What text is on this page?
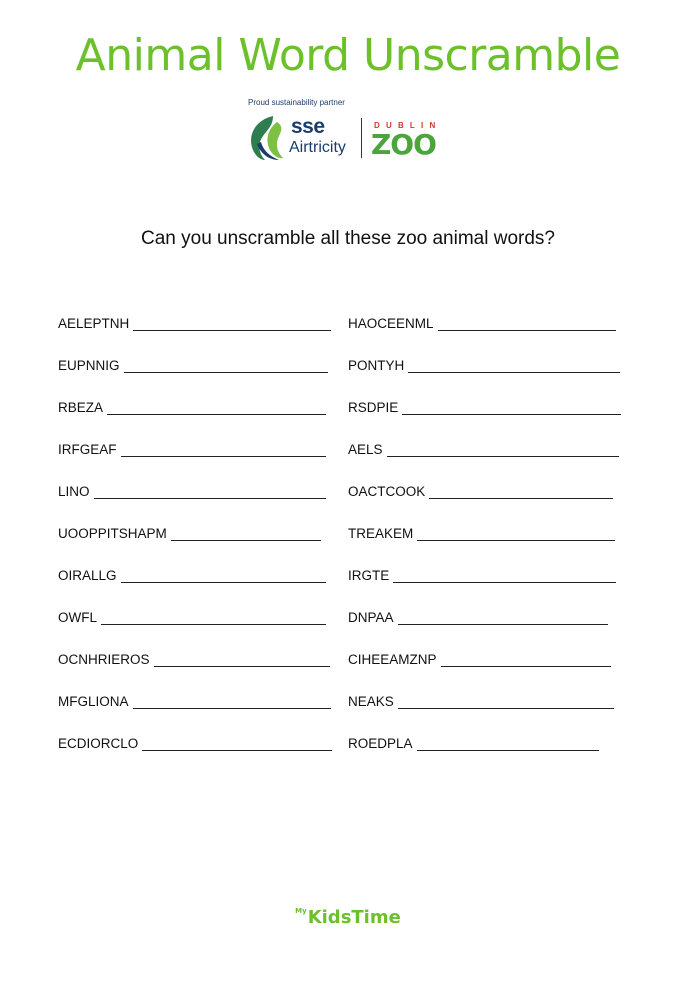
Animal Word Unscramble
Proud sustainability partner
sse
Airtricity
DUBLIN
ZOO
Can you unscramble all these zoo animal words?
AELEPTNH
EUPNNIG
RBEZA
IRFGEAF
LINO
UOOPPITSHAPM
OIRALLG
OWFL
OCNHRIEROS
MFGLIONA
ECDIORCLO
HAOCEENML
PONTYH
RSDPIE
AELS
OACTCOOK
TREAKEM
IRGTE
DNPAA
CIHEEAMZNP
NEAKS
ROEDPLA
$^{My}$KidsTime
